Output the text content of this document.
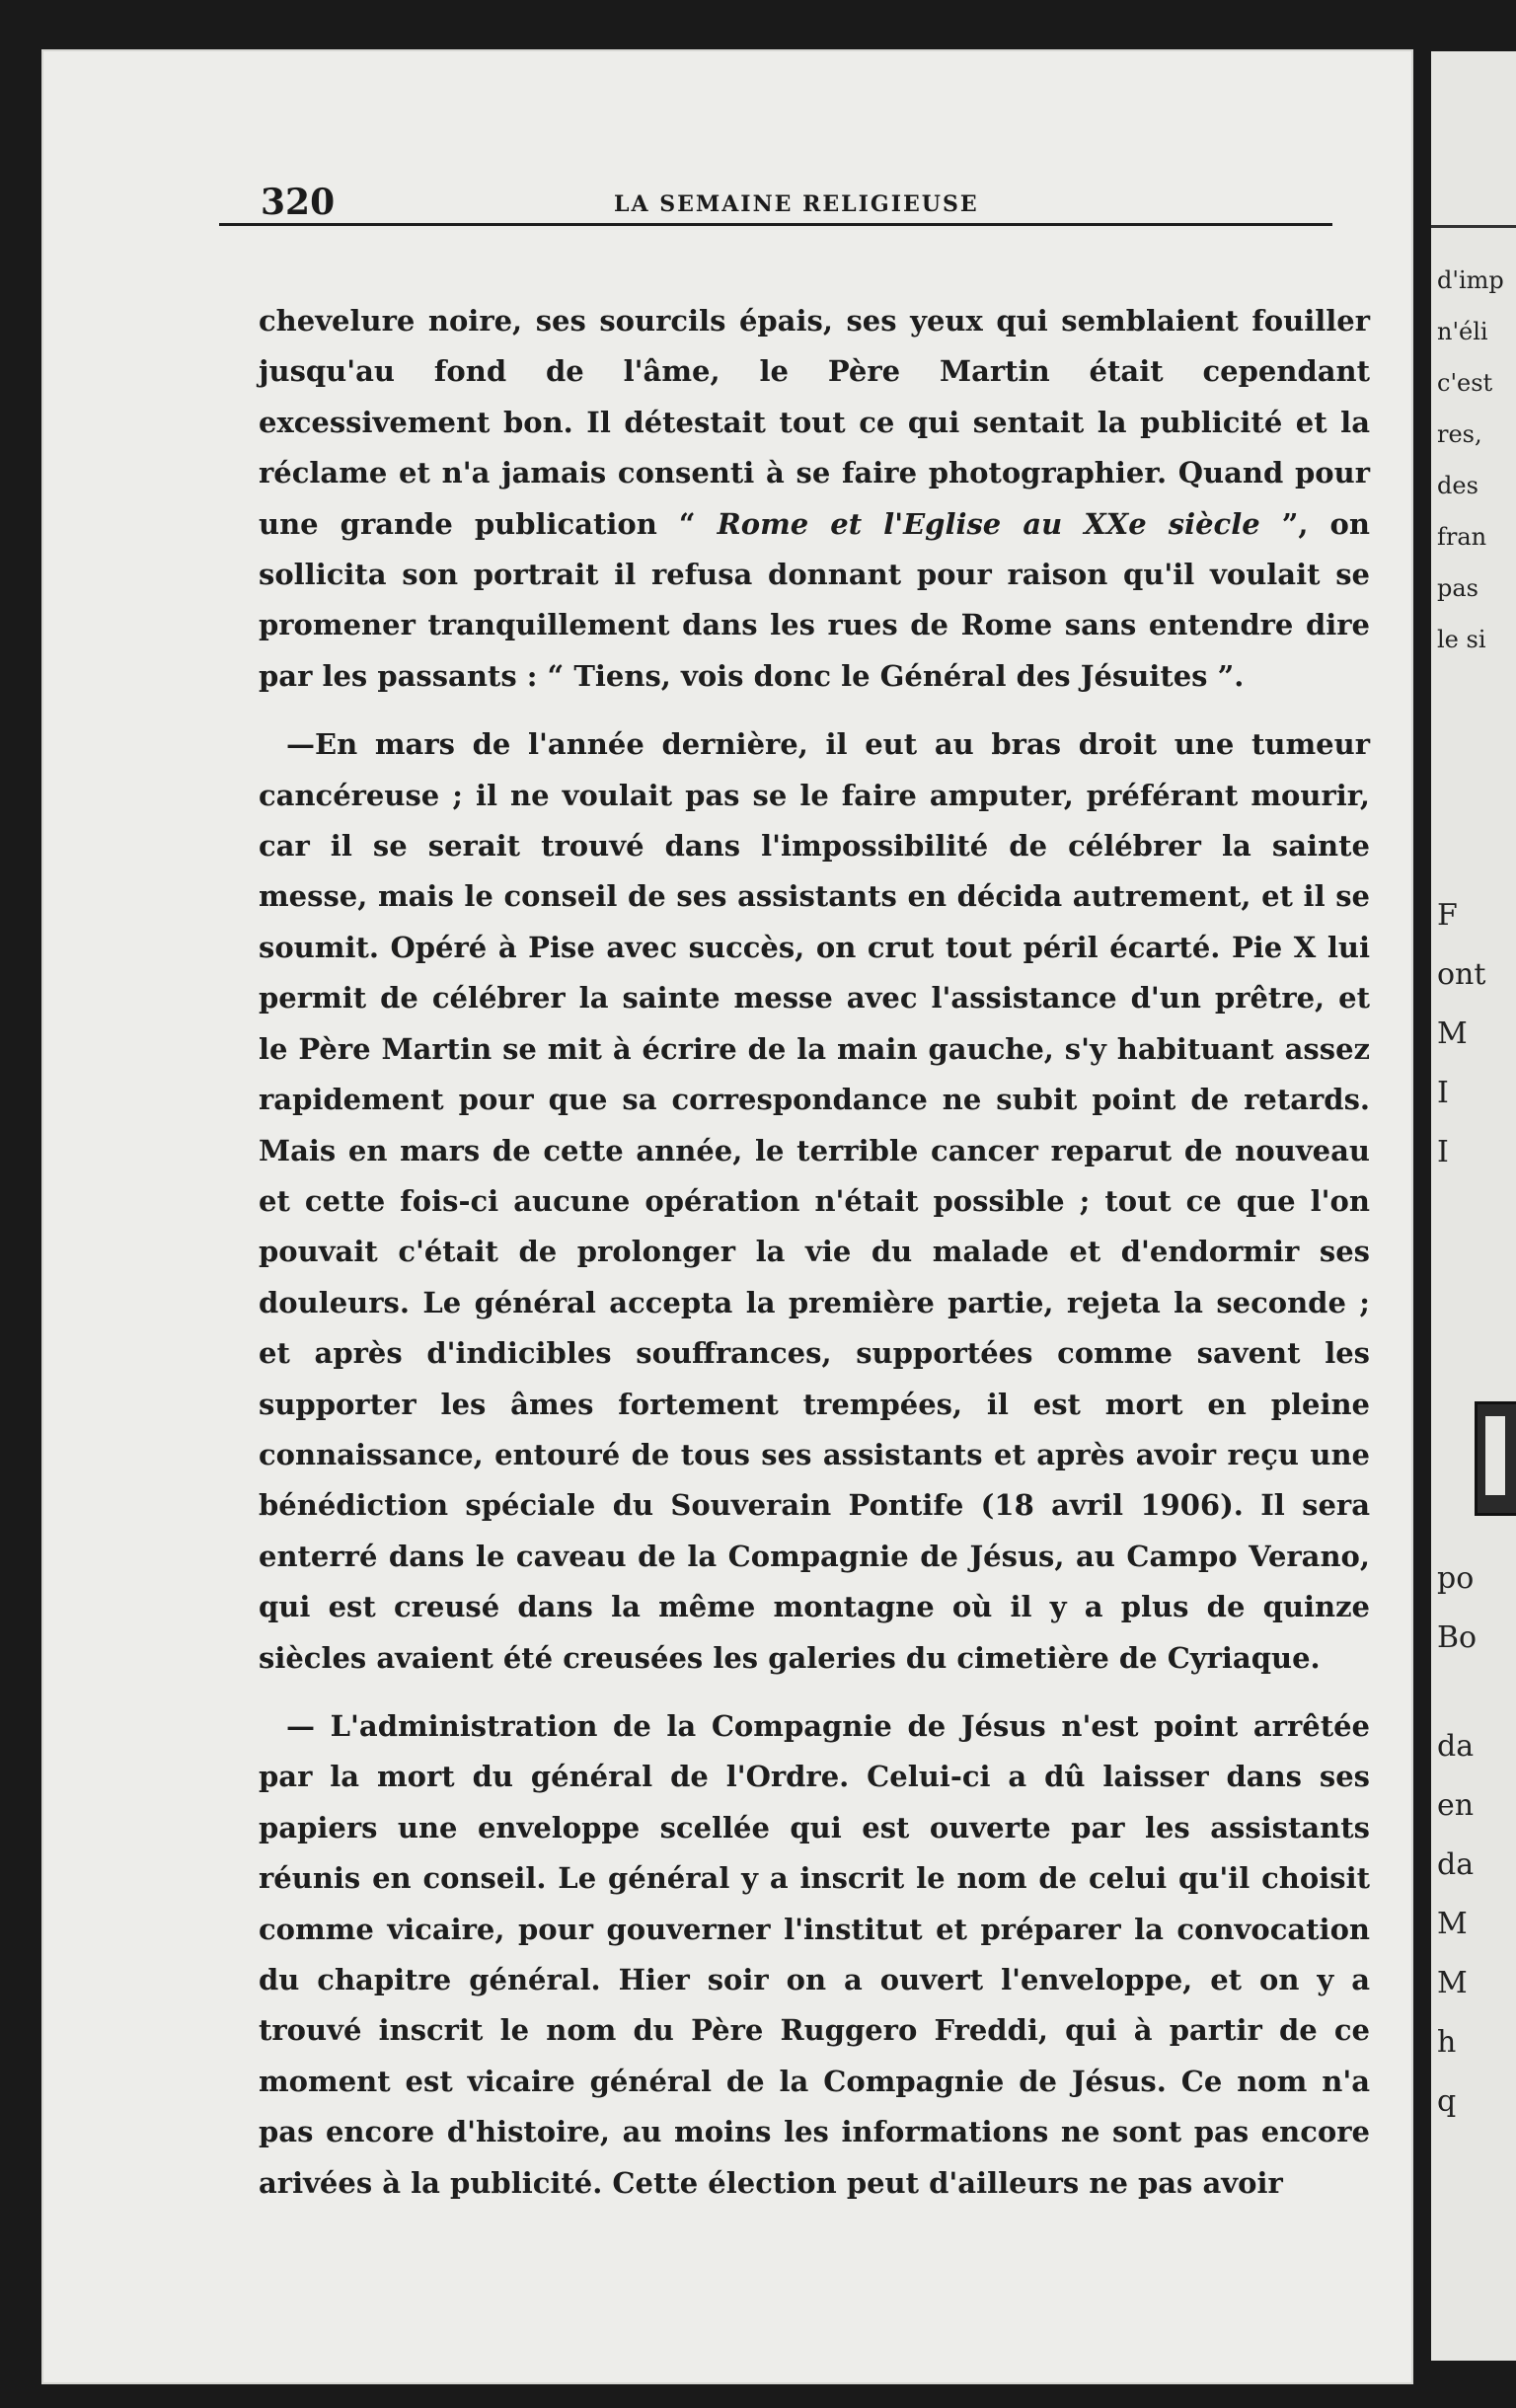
320	LA SEMAINE RELIGIEUSE

chevelure noire, ses sourcils épais, ses yeux qui semblaient fouiller jusqu'au fond de l'âme, le Père Martin était cependant excessivement bon. Il détestait tout ce qui sentait la publicité et la réclame et n'a jamais consenti à se faire photographier. Quand pour une grande publication “ Rome et l'Eglise au XXe siècle ”, on sollicita son portrait il refusa donnant pour raison qu'il voulait se promener tranquillement dans les rues de Rome sans entendre dire par les passants : “ Tiens, vois donc le Général des Jésuites ”.

—En mars de l'année dernière, il eut au bras droit une tumeur cancéreuse ; il ne voulait pas se le faire amputer, préférant mourir, car il se serait trouvé dans l'impossibilité de célébrer la sainte messe, mais le conseil de ses assistants en décida autrement, et il se soumit. Opéré à Pise avec succès, on crut tout péril écarté. Pie X lui permit de célébrer la sainte messe avec l'assistance d'un prêtre, et le Père Martin se mit à écrire de la main gauche, s'y habituant assez rapidement pour que sa correspondance ne subit point de retards. Mais en mars de cette année, le terrible cancer reparut de nouveau et cette fois-ci aucune opération n'était possible ; tout ce que l'on pouvait c'était de prolonger la vie du malade et d'endormir ses douleurs. Le général accepta la première partie, rejeta la seconde ; et après d'indicibles souffrances, supportées comme savent les supporter les âmes fortement trempées, il est mort en pleine connaissance, entouré de tous ses assistants et après avoir reçu une bénédiction spéciale du Souverain Pontife (18 avril 1906). Il sera enterré dans le caveau de la Compagnie de Jésus, au Campo Verano, qui est creusé dans la même montagne où il y a plus de quinze siècles avaient été creusées les galeries du cimetière de Cyriaque.

— L'administration de la Compagnie de Jésus n'est point arrêtée par la mort du général de l'Ordre. Celui-ci a dû laisser dans ses papiers une enveloppe scellée qui est ouverte par les assistants réunis en conseil. Le général y a inscrit le nom de celui qu'il choisit comme vicaire, pour gouverner l'institut et préparer la convocation du chapitre général. Hier soir on a ouvert l'enveloppe, et on y a trouvé inscrit le nom du Père Ruggero Freddi, qui à partir de ce moment est vicaire général de la Compagnie de Jésus. Ce nom n'a pas encore d'histoire, au moins les informations ne sont pas encore arivées à la publicité. Cette élection peut d'ailleurs ne pas avoir

d'imp
n'éli
c'est
res,
des
fran
pas
le si
F
ont
M
I
I
po
Bo
da
en
da
M
M
h
q
